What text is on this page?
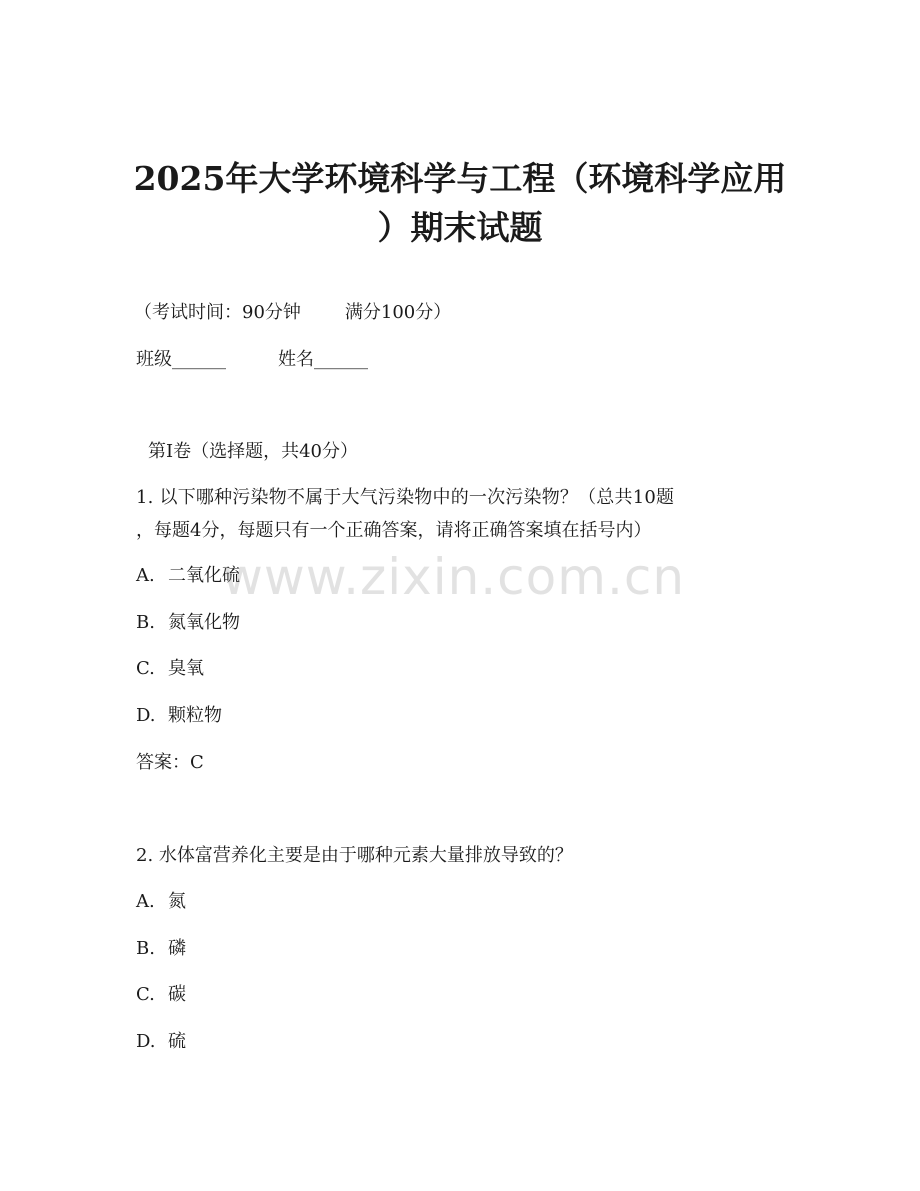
2025年大学环境科学与工程（环境科学应用
）期末试题

（考试时间：90分钟 满分100分）

班级______	姓名______

第I卷（选择题，共40分）

1. 以下哪种污染物不属于大气污染物中的一次污染物？（总共10题

，每题4分，每题只有一个正确答案，请将正确答案填在括号内）

A. 二氧化硫

B. 氮氧化物

C. 臭氧

D. 颗粒物

答案：C

2. 水体富营养化主要是由于哪种元素大量排放导致的？

A. 氮

B. 磷

C. 碳

D. 硫

www.zixin.com.cn
